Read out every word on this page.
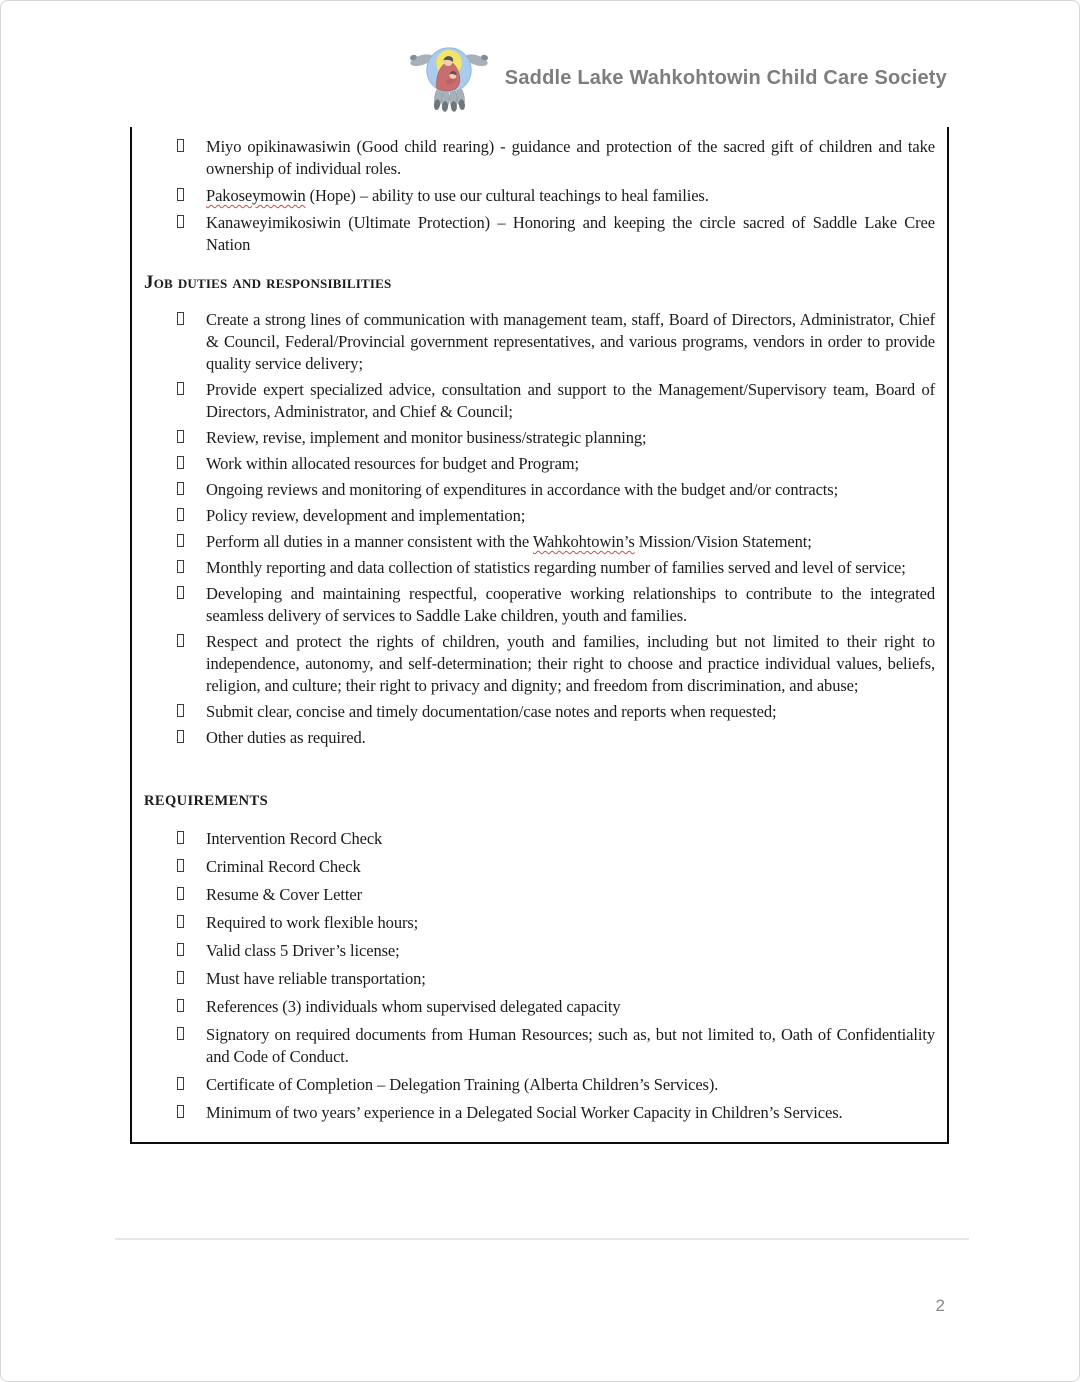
Saddle Lake Wahkohtowin Child Care Society
Miyo opikinawasiwin (Good child rearing) - guidance and protection of the sacred gift of children and take ownership of individual roles.
Pakoseymowin (Hope) – ability to use our cultural teachings to heal families.
Kanaweyimikosiwin (Ultimate Protection) – Honoring and keeping the circle sacred of Saddle Lake Cree Nation
Job duties and responsibilities
Create a strong lines of communication with management team, staff, Board of Directors, Administrator, Chief & Council, Federal/Provincial government representatives, and various programs, vendors in order to provide quality service delivery;
Provide expert specialized advice, consultation and support to the Management/Supervisory team, Board of Directors, Administrator, and Chief & Council;
Review, revise, implement and monitor business/strategic planning;
Work within allocated resources for budget and Program;
Ongoing reviews and monitoring of expenditures in accordance with the budget and/or contracts;
Policy review, development and implementation;
Perform all duties in a manner consistent with the Wahkohtowin’s Mission/Vision Statement;
Monthly reporting and data collection of statistics regarding number of families served and level of service;
Developing and maintaining respectful, cooperative working relationships to contribute to the integrated seamless delivery of services to Saddle Lake children, youth and families.
Respect and protect the rights of children, youth and families, including but not limited to their right to independence, autonomy, and self-determination; their right to choose and practice individual values, beliefs, religion, and culture; their right to privacy and dignity; and freedom from discrimination, and abuse;
Submit clear, concise and timely documentation/case notes and reports when requested;
Other duties as required.
REQUIREMENTS
Intervention Record Check
Criminal Record Check
Resume & Cover Letter
Required to work flexible hours;
Valid class 5 Driver’s license;
Must have reliable transportation;
References (3) individuals whom supervised delegated capacity
Signatory on required documents from Human Resources; such as, but not limited to, Oath of Confidentiality and Code of Conduct.
Certificate of Completion – Delegation Training (Alberta Children’s Services).
Minimum of two years’ experience in a Delegated Social Worker Capacity in Children’s Services.
2
